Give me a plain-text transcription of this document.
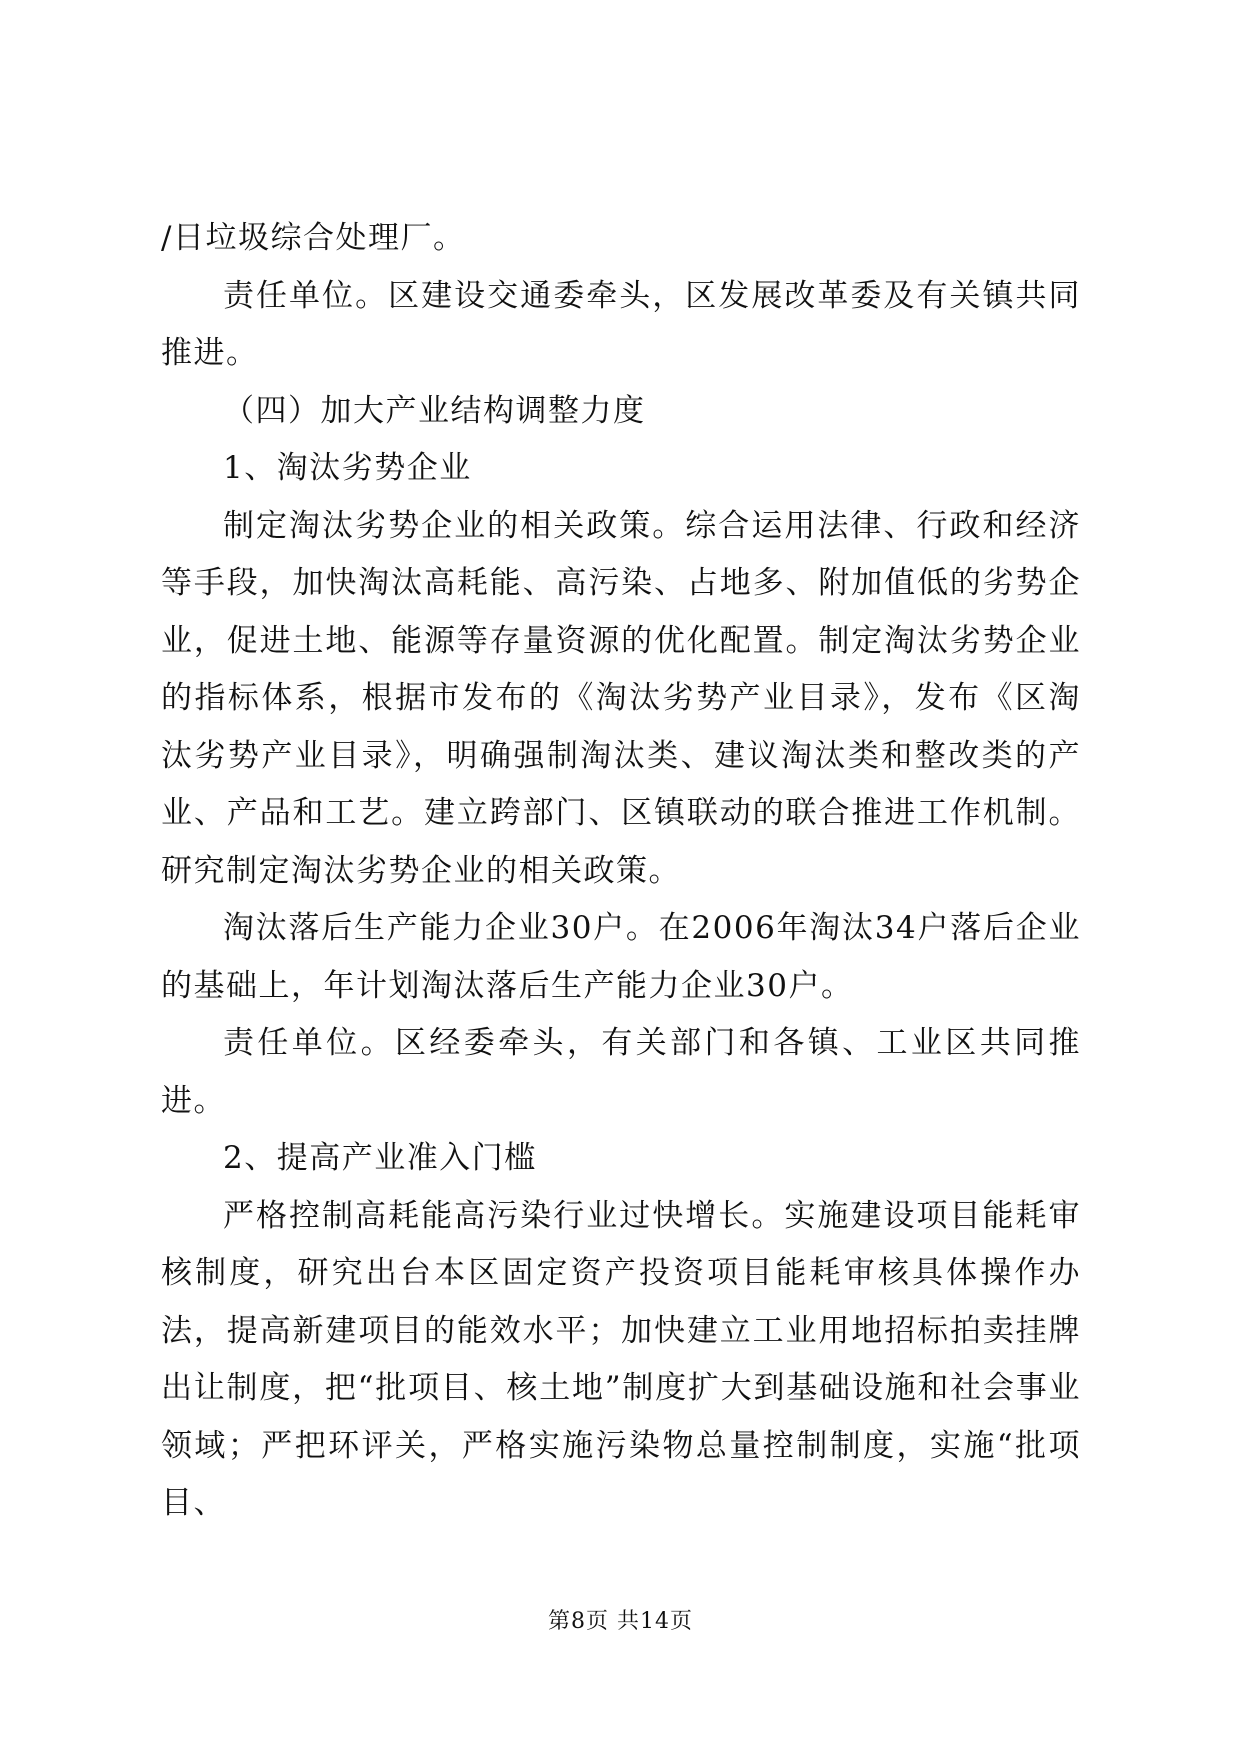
/日垃圾综合处理厂。

责任单位。区建设交通委牵头，区发展改革委及有关镇共同推进。

（四）加大产业结构调整力度

1、淘汰劣势企业

制定淘汰劣势企业的相关政策。综合运用法律、行政和经济等手段，加快淘汰高耗能、高污染、占地多、附加值低的劣势企业，促进土地、能源等存量资源的优化配置。制定淘汰劣势企业的指标体系，根据市发布的《淘汰劣势产业目录》，发布《区淘汰劣势产业目录》，明确强制淘汰类、建议淘汰类和整改类的产业、产品和工艺。建立跨部门、区镇联动的联合推进工作机制。研究制定淘汰劣势企业的相关政策。

淘汰落后生产能力企业30户。在2006年淘汰34户落后企业的基础上，年计划淘汰落后生产能力企业30户。

责任单位。区经委牵头，有关部门和各镇、工业区共同推进。

2、提高产业准入门槛

严格控制高耗能高污染行业过快增长。实施建设项目能耗审核制度，研究出台本区固定资产投资项目能耗审核具体操作办法，提高新建项目的能效水平；加快建立工业用地招标拍卖挂牌出让制度，把“批项目、核土地”制度扩大到基础设施和社会事业领域；严把环评关，严格实施污染物总量控制制度，实施“批项目、

第8页 共14页
